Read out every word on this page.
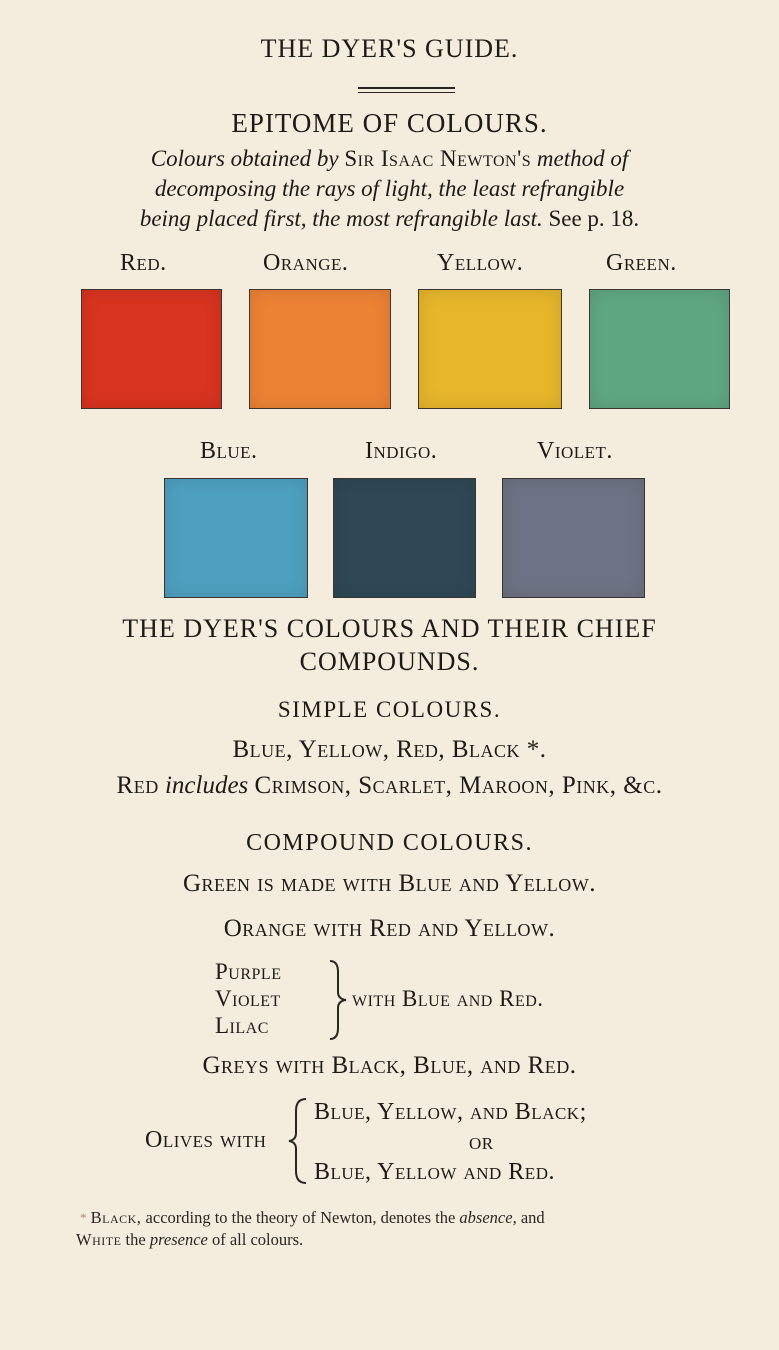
THE DYER'S GUIDE.
EPITOME OF COLOURS.
Colours obtained by Sir Isaac Newton's method of
decomposing the rays of light, the least refrangible
being placed first, the most refrangible last. See p. 18.
Red.	Orange.	Yellow.	Green.
Blue.	Indigo.	Violet.
THE DYER'S COLOURS AND THEIR CHIEF
COMPOUNDS.
SIMPLE COLOURS.
Blue, Yellow, Red, Black *.
Red includes Crimson, Scarlet, Maroon, Pink, &c.
COMPOUND COLOURS.
Green is made with Blue and Yellow.
Orange with Red and Yellow.
Purple
Violet
Lilac
with Blue and Red.
Greys with Black, Blue, and Red.
Olives with
Blue, Yellow, and Black;
or
Blue, Yellow and Red.
* Black, according to the theory of Newton, denotes the absence, and
White the presence of all colours.
